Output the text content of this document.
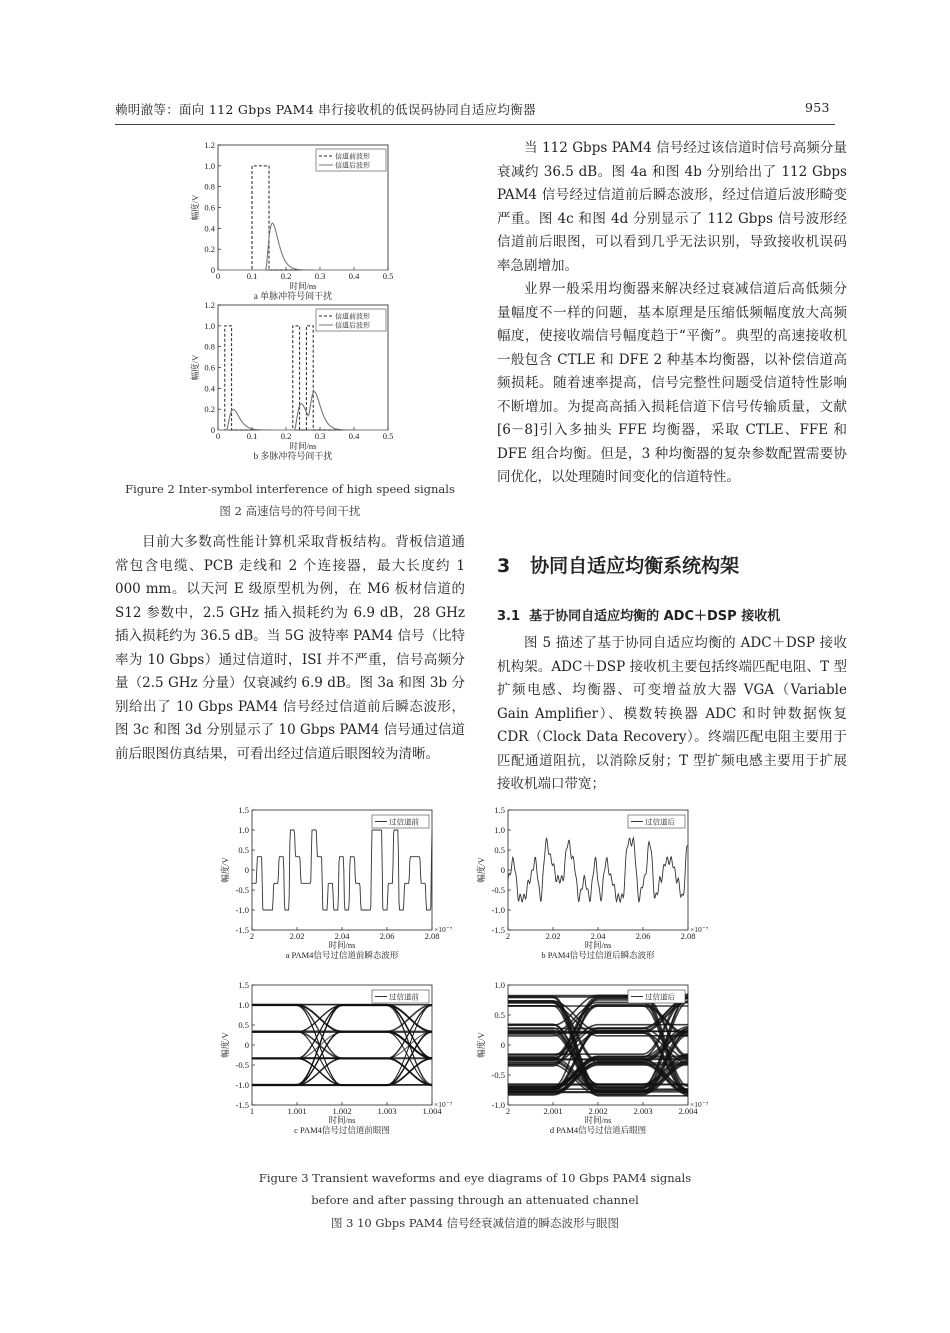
赖明澈等：面向 112 Gbps PAM4 串行接收机的低误码协同自适应均衡器	953
0	0.1	0.2	0.3	0.4	0.5
0
0.2
0.4
0.6
0.8
1.0
1.2
信道前波形
信道后波形
时间/ns
幅度/V
a 单脉冲符号间干扰
0	0.1	0.2	0.3	0.4	0.5
0
0.2
0.4
0.6
0.8
1.0
1.2
信道前波形
信道后波形
时间/ns
幅度/V
b 多脉冲符号间干扰
Figure 2 Inter-symbol interference of high speed signals
图 2 高速信号的符号间干扰

目前大多数高性能计算机采取背板结构。背板信道通常包含电缆、PCB 走线和 2 个连接器，最大长度约 1 000 mm。以天河 E 级原型机为例，在 M6 板材信道的 S12 参数中，2.5 GHz 插入损耗约为 6.9 dB，28 GHz 插入损耗约为 36.5 dB。当 5G 波特率 PAM4 信号（比特率为 10 Gbps）通过信道时，ISI 并不严重，信号高频分量（2.5 GHz 分量）仅衰减约 6.9 dB。图 3a 和图 3b 分别给出了 10 Gbps PAM4 信号经过信道前后瞬态波形，图 3c 和图 3d 分别显示了 10 Gbps PAM4 信号通过信道前后眼图仿真结果，可看出经过信道后眼图较为清晰。

当 112 Gbps PAM4 信号经过该信道时信号高频分量衰减约 36.5 dB。图 4a 和图 4b 分别给出了 112 Gbps PAM4 信号经过信道前后瞬态波形，经过信道后波形畸变严重。图 4c 和图 4d 分别显示了 112 Gbps 信号波形经信道前后眼图，可以看到几乎无法识别，导致接收机误码率急剧增加。

业界一般采用均衡器来解决经过衰减信道后高低频分量幅度不一样的问题，基本原理是压缩低频幅度放大高频幅度，使接收端信号幅度趋于“平衡”。典型的高速接收机一般包含 CTLE 和 DFE 2 种基本均衡器，以补偿信道高频损耗。随着速率提高，信号完整性问题受信道特性影响不断增加。为提高高插入损耗信道下信号传输质量，文献[6－8]引入多抽头 FFE 均衡器，采取 CTLE、FFE 和 DFE 组合均衡。但是，3 种均衡器的复杂参数配置需要协同优化，以处理随时间变化的信道特性。

3 协同自适应均衡系统构架
3.1 基于协同自适应均衡的 ADC＋DSP 接收机

图 5 描述了基于协同自适应均衡的 ADC＋DSP 接收机构架。ADC＋DSP 接收机主要包括终端匹配电阻、T 型扩频电感、均衡器、可变增益放大器 VGA（Variable Gain Amplifier）、模数转换器 ADC 和时钟数据恢复 CDR（Clock Data Recovery）。终端匹配电阻主要用于匹配通道阻抗，以消除反射；T 型扩频电感主要用于扩展接收机端口带宽；

2	2.02	2.04	2.06	2.08
-1.5
-1.0
-0.5
0
0.5
1.0
1.5
过信道前
×10⁻⁷
时间/ns
幅度/V
a PAM4信号过信道前瞬态波形
2	2.02	2.04	2.06	2.08
-1.5
-1.0
-0.5
0
0.5
1.0
1.5
过信道后
×10⁻⁷
时间/ns
幅度/V
b PAM4信号过信道后瞬态波形
1	1.001	1.002	1.003	1.004
-1.5
-1.0
-0.5
0
0.5
1.0
1.5
过信道前
×10⁻⁷
时间/ns
幅度/V
c PAM4信号过信道前眼图
2	2.001	2.002	2.003	2.004
-1.0
-0.5
0
0.5
1.0
过信道后
×10⁻⁷
时间/ns
幅度/V
d PAM4信号过信道后眼图
Figure 3 Transient waveforms and eye diagrams of 10 Gbps PAM4 signals
before and after passing through an attenuated channel
图 3 10 Gbps PAM4 信号经衰减信道的瞬态波形与眼图
